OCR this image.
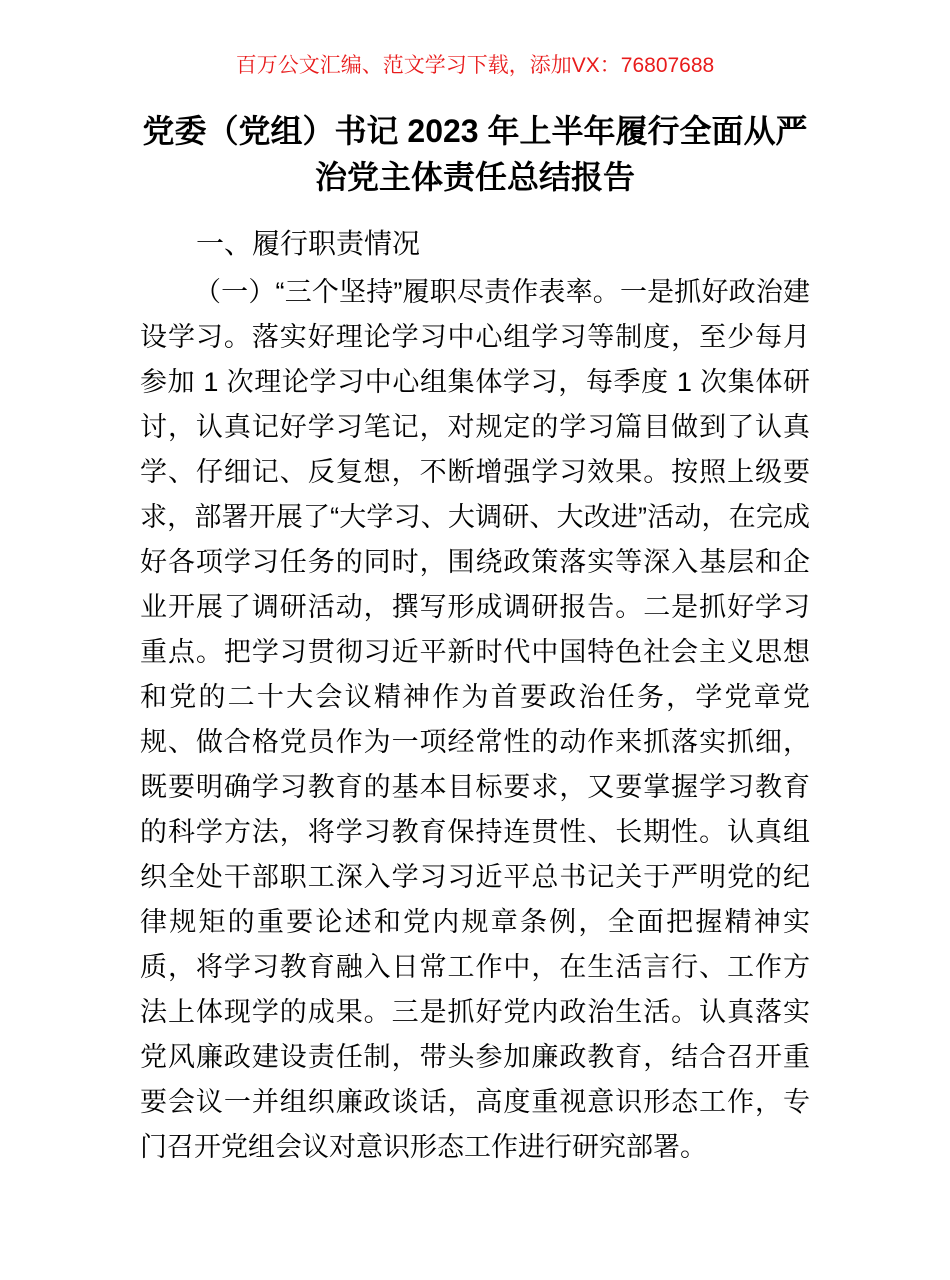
百万公文汇编、范文学习下载，添加VX：76807688
党委（党组）书记 2023 年上半年履行全面从严
治党主体责任总结报告
一、履行职责情况

（一）“三个坚持”履职尽责作表率。一是抓好政治建设学习。落实好理论学习中心组学习等制度，至少每月参加 1 次理论学习中心组集体学习，每季度 1 次集体研讨，认真记好学习笔记，对规定的学习篇目做到了认真学、仔细记、反复想，不断增强学习效果。按照上级要求，部署开展了“大学习、大调研、大改进”活动，在完成好各项学习任务的同时，围绕政策落实等深入基层和企业开展了调研活动，撰写形成调研报告。二是抓好学习重点。把学习贯彻习近平新时代中国特色社会主义思想和党的二十大会议精神作为首要政治任务，学党章党规、做合格党员作为一项经常性的动作来抓落实抓细，既要明确学习教育的基本目标要求，又要掌握学习教育的科学方法，将学习教育保持连贯性、长期性。认真组织全处干部职工深入学习习近平总书记关于严明党的纪律规矩的重要论述和党内规章条例，全面把握精神实质，将学习教育融入日常工作中，在生活言行、工作方法上体现学的成果。三是抓好党内政治生活。认真落实党风廉政建设责任制，带头参加廉政教育，结合召开重要会议一并组织廉政谈话，高度重视意识形态工作，专门召开党组会议对意识形态工作进行研究部署。
